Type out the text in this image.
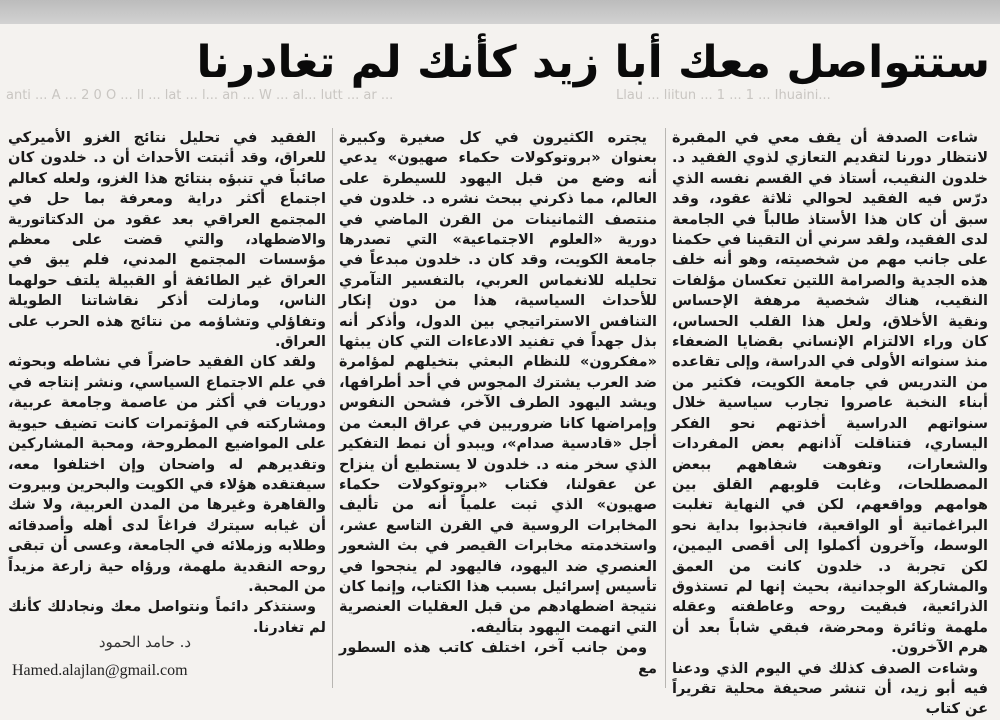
anti ... A ... 2 0 O ... ll ... lat ... l... an ... W ... al... lutt ... ar ...	Llau ... liitun ... 1 ... 1 ... Ihuaini...
ستتواصل معك أبا زيد كأنك لم تغادرنا

شاءت الصدفة أن يقف معي في المقبرة لانتظار دورنا لتقديم التعازي لذوي الفقيد د. خلدون النقيب، أستاذ في القسم نفسه الذي درّس فيه الفقيد لحوالي ثلاثة عقود، وقد سبق أن كان هذا الأستاذ طالباً في الجامعة لدى الفقيد، ولقد سرني أن التقينا في حكمنا على جانب مهم من شخصيته، وهو أنه خلف هذه الجدية والصرامة اللتين تعكسان مؤلفات النقيب، هناك شخصية مرهفة الإحساس ونقية الأخلاق، ولعل هذا القلب الحساس، كان وراء الالتزام الإنساني بقضايا الضعفاء منذ سنواته الأولى في الدراسة، وإلى تقاعده من التدريس في جامعة الكويت، فكثير من أبناء النخبة عاصروا تجارب سياسية خلال سنواتهم الدراسية أخذتهم نحو الفكر اليساري، فتناقلت آذانهم بعض المفردات والشعارات، وتفوهت شفاههم ببعض المصطلحات، وغابت قلوبهم القلق بين هوامهم وواقعهم، لكن في النهاية تغلبت البراغماتية أو الواقعية، فانجذبوا بداية نحو الوسط، وآخرون أكملوا إلى أقصى اليمين، لكن تجربة د. خلدون كانت من العمق والمشاركة الوجدانية، بحيث إنها لم تستذوق الذرائعية، فبقيت روحه وعاطفته وعقله ملهمة وثائرة ومحرضة، فبقي شاباً بعد أن هرم الآخرون.

وشاءت الصدف كذلك في اليوم الذي ودعنا فيه أبو زيد، أن تنشر صحيفة محلية تقريراً عن كتاب

يجتره الكثيرون في كل صغيرة وكبيرة بعنوان «بروتوكولات حكماء صهيون» يدعي أنه وضع من قبل اليهود للسيطرة على العالم، مما ذكرني ببحث نشره د. خلدون في منتصف الثمانينات من القرن الماضي في دورية «العلوم الاجتماعية» التي تصدرها جامعة الكويت، وقد كان د. خلدون مبدعاً في تحليله للانغماس العربي، بالتفسير التآمري للأحداث السياسية، هذا من دون إنكار التنافس الاستراتيجي بين الدول، وأذكر أنه بذل جهداً في تفنيد الادعاءات التي كان يبثها «مفكرون» للنظام البعثي بتخيلهم لمؤامرة ضد العرب يشترك المجوس في أحد أطرافها، ويشد اليهود الطرف الآخر، فشحن النفوس وإمراضها كانا ضروريين في عراق البعث من أجل «قادسية صدام»، ويبدو أن نمط التفكير الذي سخر منه د. خلدون لا يستطيع أن ينزاح عن عقولنا، فكتاب «بروتوكولات حكماء صهيون» الذي ثبت علمياً أنه من تأليف المخابرات الروسية في القرن التاسع عشر، واستخدمته مخابرات القيصر في بث الشعور العنصري ضد اليهود، فاليهود لم ينجحوا في تأسيس إسرائيل بسبب هذا الكتاب، وإنما كان نتيجة اضطهادهم من قبل العقليات العنصرية التي اتهمت اليهود بتأليفه.

ومن جانب آخر، اختلف كاتب هذه السطور مع

الفقيد في تحليل نتائج الغزو الأميركي للعراق، وقد أثبتت الأحداث أن د. خلدون كان صائباً في تنبؤه بنتائج هذا الغزو، ولعله كعالم اجتماع أكثر دراية ومعرفة بما حل في المجتمع العراقي بعد عقود من الدكتاتورية والاضطهاد، والتي قضت على معظم مؤسسات المجتمع المدني، فلم يبق في العراق غير الطائفة أو القبيلة يلتف حولهما الناس، ومازلت أذكر نقاشاتنا الطويلة وتفاؤلي وتشاؤمه من نتائج هذه الحرب على العراق.

ولقد كان الفقيد حاضراً في نشاطه وبحوثه في علم الاجتماع السياسي، ونشر إنتاجه في دوريات في أكثر من عاصمة وجامعة عربية، ومشاركته في المؤتمرات كانت تضيف حيوية على المواضيع المطروحة، ومحبة المشاركين وتقديرهم له واضحان وإن اختلفوا معه، سيفتقده هؤلاء في الكويت والبحرين وبيروت والقاهرة وغيرها من المدن العربية، ولا شك أن غيابه سيترك فراغاً لدى أهله وأصدقائه وطلابه وزملائه في الجامعة، وعسى أن تبقى روحه النقدية ملهمة، ورؤاه حية زارعة مزيداً من المحبة.

وسنتذكر دائماً ونتواصل معك ونجادلك كأنك لم تغادرنا.

د. حامد الحمود
Hamed.alajlan@gmail.com
